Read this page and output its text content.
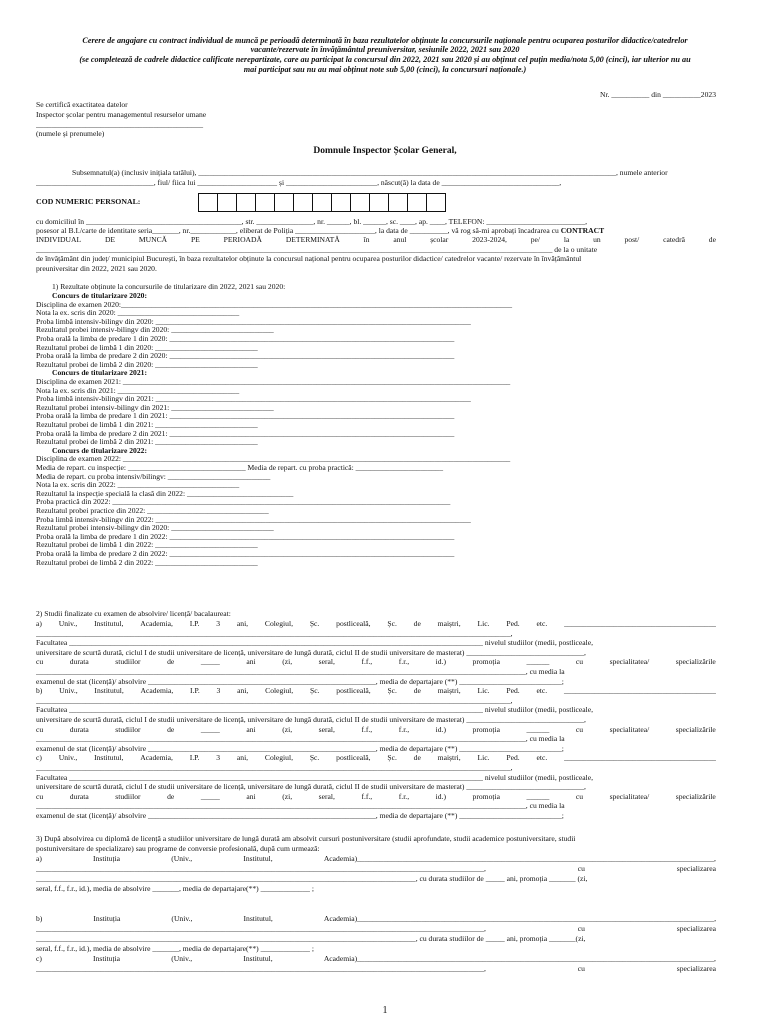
Cerere de angajare cu contract individual de muncă pe perioadă determinată în baza rezultatelor obținute la concursurile naționale pentru ocuparea posturilor didactice/catedrelor
vacante/rezervate în învățământul preuniversitar, sesiunile 2022, 2021 sau 2020
(se completează de cadrele didactice calificate nerepartizate, care au participat la concursul din 2022, 2021 sau 2020 și au obținut cel puțin media/nota 5,00 (cinci), iar ulterior nu au
mai participat sau nu au mai obținut note sub 5,00 (cinci), la concursuri naționale.)
Nr. __________ din __________2023
Se certifică exactitatea datelor
Inspector școlar pentru managementul resurselor umane
____________________________________________
(numele și prenumele)
Domnule Inspector Școlar General,
Subsemnatul(a) (inclusiv inițiala tatălui), ______________________________________________________________________________________________________________, numele anterior
_______________________________, fiul/ fiica lui _____________________ și ________________________, născut(ă) la data de _______________________________,
COD NUMERIC PERSONAL:
cu domiciliul în _________________________________________, str. _______________, nr. ______, bl. ______, sc. ____, ap. ____, TELEFON: __________________________,
posesor al B.I./carte de identitate seria_______, nr.____________, eliberat de Poliția _____________________, la data de __________, vă rog să-mi aprobați încadrarea cu CONTRACT
INDIVIDUAL	DE	MUNCĂ	PE	PERIOADĂ	DETERMINATĂ	în	anul	școlar	2023-2024,	pe/	la	un	post/	catedră	de
________________________________________________________________________________________________________________________________________ de la o unitate
de învățământ din județ/ municipiul București, în baza rezultatelor obținute la concursul național pentru ocuparea posturilor didactice/ catedrelor vacante/ rezervate în învățământul
preuniversitar din 2022, 2021 sau 2020.
1) Rezultate obținute la concursurile de titularizare din 2022, 2021 sau 2020:
Concurs de titularizare 2020:
Disciplina de examen 2020:_______________________________________________________________________________________________________
Nota la ex. scris din 2020: ________________________________
Proba limbă intensiv-bilingv din 2020: ___________________________________________________________________________________
Rezultatul probei intensiv-bilingv din 2020: ___________________________
Proba orală la limba de predare 1 din 2020: ___________________________________________________________________________
Rezultatul probei de limbă 1 din 2020: ___________________________
Proba orală la limba de predare 2 din 2020: ___________________________________________________________________________
Rezultatul probei de limbă 2 din 2020: ___________________________
Concurs de titularizare 2021:
Disciplina de examen 2021: ______________________________________________________________________________________________________
Nota la ex. scris din 2021: ________________________________
Proba limbă intensiv-bilingv din 2021: ___________________________________________________________________________________
Rezultatul probei intensiv-bilingv din 2021: ___________________________
Proba orală la limba de predare 1 din 2021: ___________________________________________________________________________
Rezultatul probei de limbă 1 din 2021: ___________________________
Proba orală la limba de predare 2 din 2021: ___________________________________________________________________________
Rezultatul probei de limbă 2 din 2021: ___________________________
Concurs de titularizare 2022:
Disciplina de examen 2022: ______________________________________________________________________________________________________
Media de repart. cu inspecție: _______________________________ Media de repart. cu proba practică: _______________________
Media de repart. cu proba intensiv/bilingv: ___________________________
Nota la ex. scris din 2022: ________________________________
Rezultatul la inspecție specială la clasă din 2022: ____________________________
Proba practică din 2022: _________________________________________________________________________________________
Rezultatul probei practice din 2022: ________________________________
Proba limbă intensiv-bilingv din 2022: ___________________________________________________________________________________
Rezultatul probei intensiv-bilingv din 2020: ___________________________
Proba orală la limba de predare 1 din 2022: ___________________________________________________________________________
Rezultatul probei de limbă 1 din 2022: ___________________________
Proba orală la limba de predare 2 din 2022: ___________________________________________________________________________
Rezultatul probei de limbă 2 din 2022: ___________________________
2) Studii finalizate cu examen de absolvire/ licență/ bacalaureat:
a) Univ., Institutul, Academia, I.P. 3 ani, Colegiul, Șc. postliceală, Șc. de maiștri, Lic. Ped. etc. ________________________________________
_____________________________________________________________________________________________________________________________,
Facultatea _____________________________________________________________________________________________________________ nivelul studiilor (medii, postliceale,
universitare de scurtă durată, ciclul I de studii universitare de licență, universitare de lungă durată, ciclul II de studii universitare de masterat) _______________________________,
cu	durata	studiilor	de	_____	ani	(zi,	seral,	f.f.,	f.r.,	id.)	promoția	______	cu	specialitatea/	specializările
_________________________________________________________________________________________________________________________________, cu media la
examenul de stat (licență)/ absolvire ____________________________________________________________, media de departajare (**) ___________________________;
b) Univ., Institutul, Academia, I.P. 3 ani, Colegiul, Șc. postliceală, Șc. de maiștri, Lic. Ped. etc. ________________________________________
_____________________________________________________________________________________________________________________________,
Facultatea _____________________________________________________________________________________________________________ nivelul studiilor (medii, postliceale,
universitare de scurtă durată, ciclul I de studii universitare de licență, universitare de lungă durată, ciclul II de studii universitare de masterat) _______________________________,
cu	durata	studiilor	de	_____	ani	(zi,	seral,	f.f.,	f.r.,	id.)	promoția	______	cu	specialitatea/	specializările
_________________________________________________________________________________________________________________________________, cu media la
examenul de stat (licență)/ absolvire ____________________________________________________________, media de departajare (**) ___________________________;
c) Univ., Institutul, Academia, I.P. 3 ani, Colegiul, Șc. postliceală, Șc. de maiștri, Lic. Ped. etc. ________________________________________
_____________________________________________________________________________________________________________________________,
Facultatea _____________________________________________________________________________________________________________ nivelul studiilor (medii, postliceale,
universitare de scurtă durată, ciclul I de studii universitare de licență, universitare de lungă durată, ciclul II de studii universitare de masterat) _______________________________,
cu	durata	studiilor	de	_____	ani	(zi,	seral,	f.f.,	f.r.,	id.)	promoția	______	cu	specialitatea/	specializările
_________________________________________________________________________________________________________________________________, cu media la
examenul de stat (licență)/ absolvire ____________________________________________________________, media de departajare (**) ___________________________;
3) După absolvirea cu diplomă de licență a studiilor universitare de lungă durată am absolvit cursuri postuniversitare (studii aprofundate, studii academice postuniversitare, studii
postuniversitare de specializare) sau programe de conversie profesională, după cum urmează:
a)	Instituția	(Univ.,	Institutul,	Academia)______________________________________________________________________________________________,
______________________________________________________________________________________________________________________,	cu	specializarea
____________________________________________________________________________________________________, cu durata studiilor de _____ ani, promoția _______ (zi,
seral, f.f., f.r., id.), media de absolvire _______, media de departajare(**) _____________ ;
b)	Instituția	(Univ.,	Institutul,	Academia)______________________________________________________________________________________________,
______________________________________________________________________________________________________________________,	cu	specializarea
____________________________________________________________________________________________________, cu durata studiilor de _____ ani, promoția _______(zi,
seral, f.f., f.r., id.), media de absolvire _______, media de departajare(**) _____________ ;
c)	Instituția	(Univ.,	Institutul,	Academia)______________________________________________________________________________________________,
______________________________________________________________________________________________________________________,	cu	specializarea
1
